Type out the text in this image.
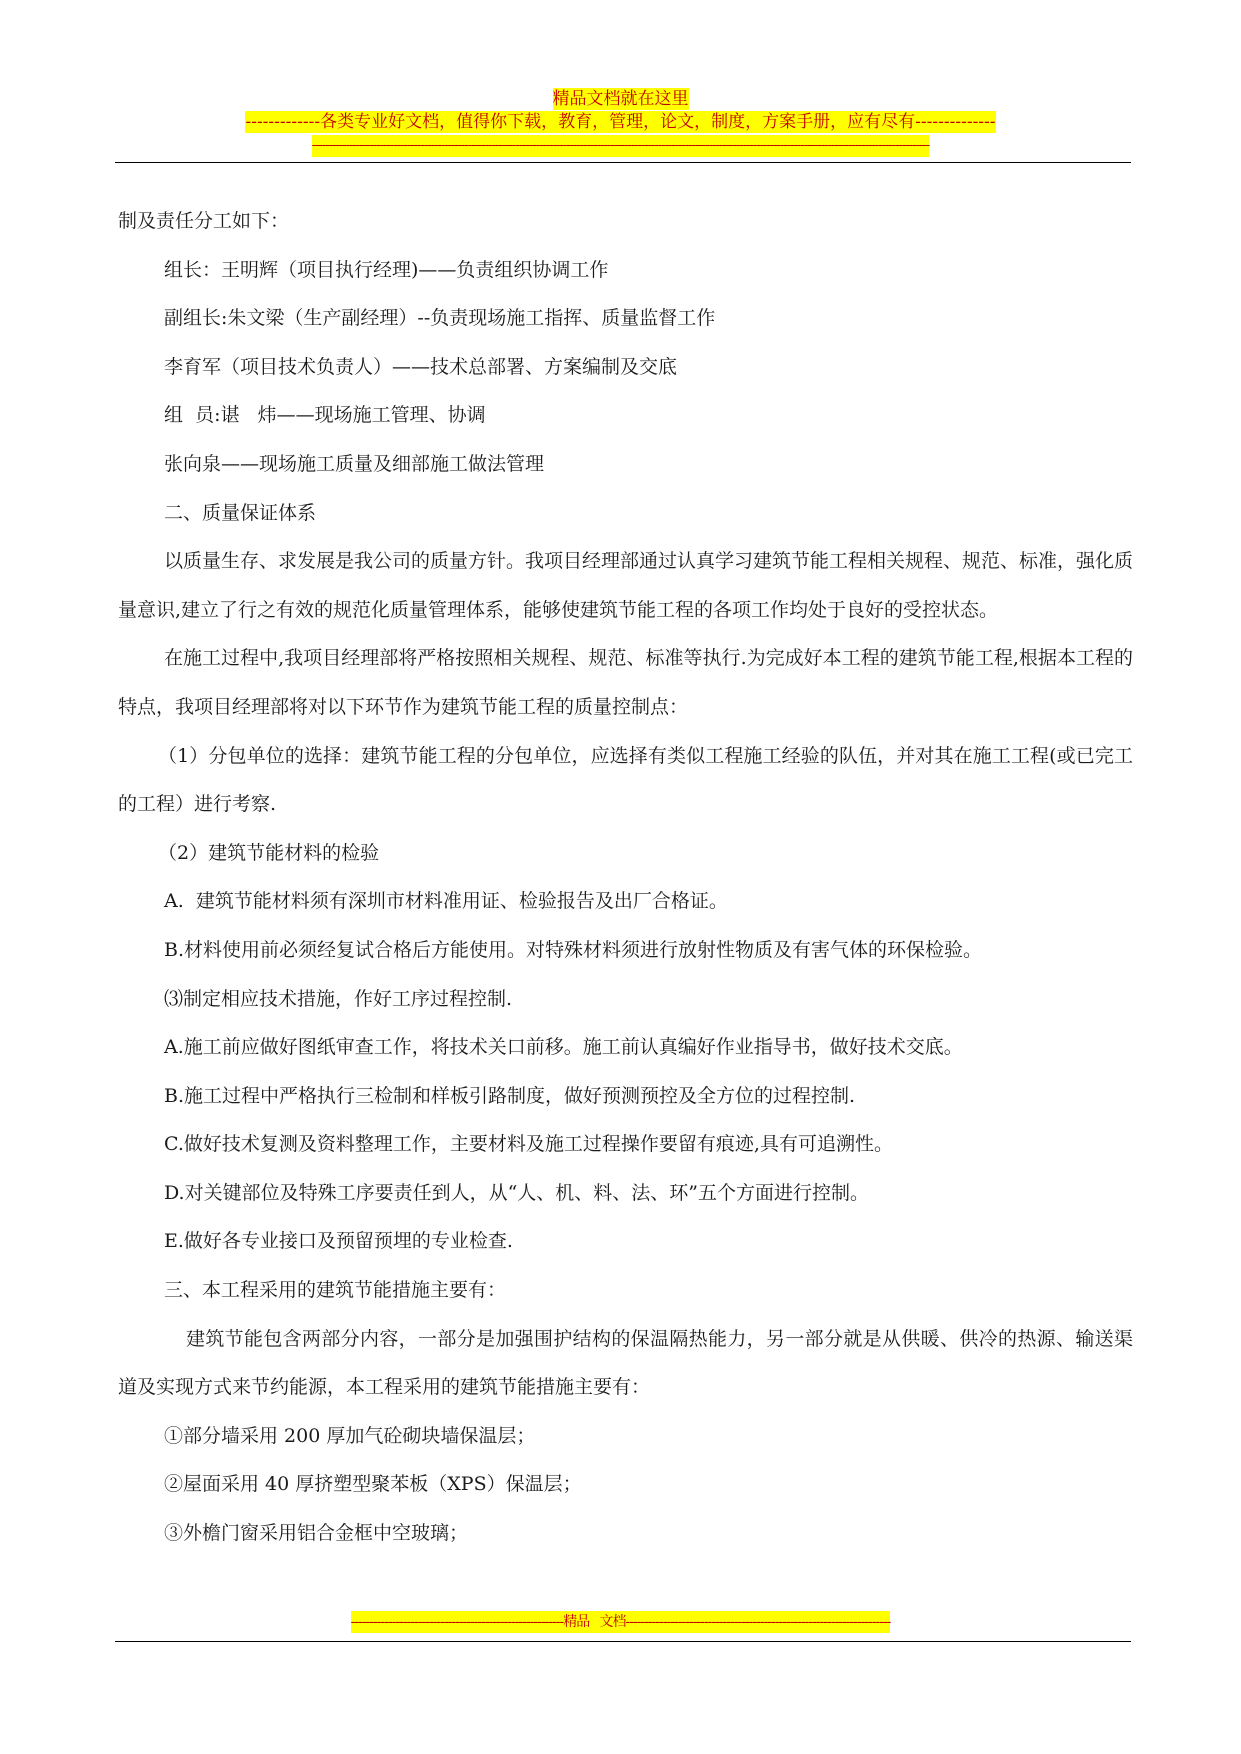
精品文档就在这里
-------------各类专业好文档，值得你下载，教育，管理，论文，制度，方案手册，应有尽有--------------
--------------------------------------------------------------------------------------------------------------------------------------------------------------------------------------

制及责任分工如下：

组长：王明辉（项目执行经理)——负责组织协调工作

副组长:朱文梁（生产副经理）--负责现场施工指挥、质量监督工作

李育军（项目技术负责人）——技术总部署、方案编制及交底

组  员:谌   炜——现场施工管理、协调

张向泉——现场施工质量及细部施工做法管理

二、质量保证体系

以质量生存、求发展是我公司的质量方针。我项目经理部通过认真学习建筑节能工程相关规程、规范、标准，强化质量意识,建立了行之有效的规范化质量管理体系，能够使建筑节能工程的各项工作均处于良好的受控状态。

在施工过程中,我项目经理部将严格按照相关规程、规范、标准等执行.为完成好本工程的建筑节能工程,根据本工程的特点，我项目经理部将对以下环节作为建筑节能工程的质量控制点：

（1）分包单位的选择：建筑节能工程的分包单位，应选择有类似工程施工经验的队伍，并对其在施工工程(或已完工的工程）进行考察.

（2）建筑节能材料的检验

A.  建筑节能材料须有深圳市材料准用证、检验报告及出厂合格证。

B.材料使用前必须经复试合格后方能使用。对特殊材料须进行放射性物质及有害气体的环保检验。

⑶制定相应技术措施，作好工序过程控制.

A.施工前应做好图纸审查工作，将技术关口前移。施工前认真编好作业指导书，做好技术交底。

B.施工过程中严格执行三检制和样板引路制度，做好预测预控及全方位的过程控制.

C.做好技术复测及资料整理工作，主要材料及施工过程操作要留有痕迹,具有可追溯性。

D.对关键部位及特殊工序要责任到人，从“人、机、料、法、环”五个方面进行控制。

E.做好各专业接口及预留预埋的专业检查.

三、本工程采用的建筑节能措施主要有：

建筑节能包含两部分内容，一部分是加强围护结构的保温隔热能力，另一部分就是从供暖、供冷的热源、输送渠道及实现方式来节约能源，本工程采用的建筑节能措施主要有：

①部分墙采用 200 厚加气砼砌块墙保温层；

②屋面采用 40 厚挤塑型聚苯板（XPS）保温层；

③外檐门窗采用铝合金框中空玻璃；

---------------------------------------------------------精品   文档-----------------------------------------------------------------------
